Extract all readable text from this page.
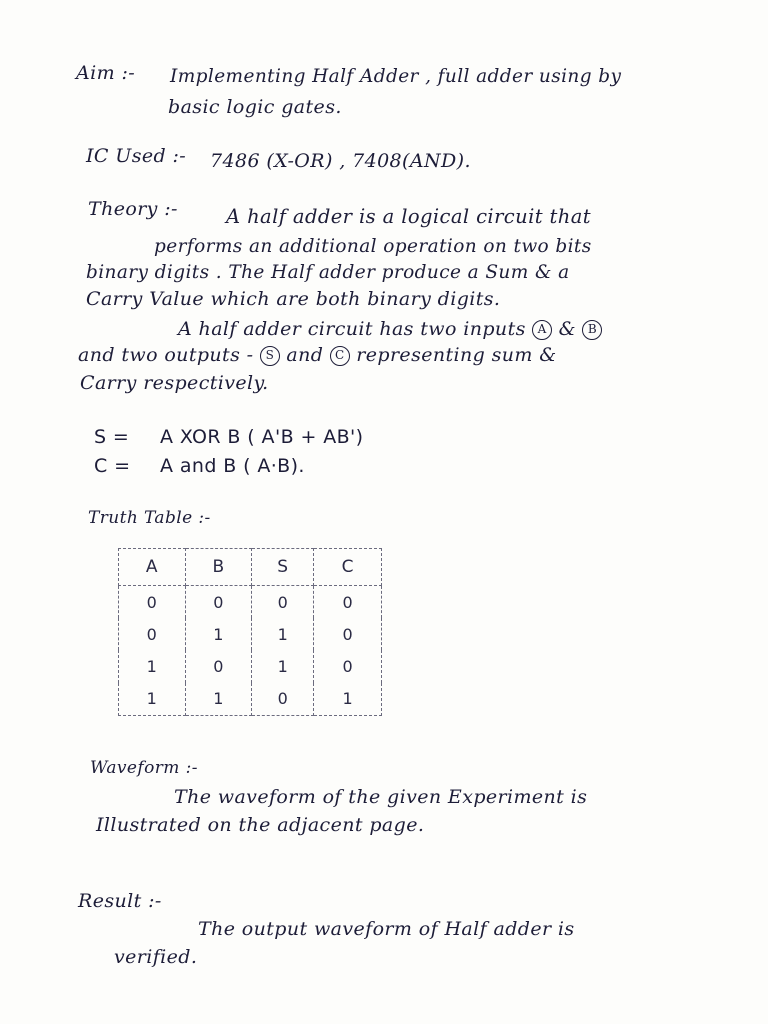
Aim :- Implementing Half Adder , full adder using by
basic logic gates.
IC Used :- 7486 (X-OR) , 7408(AND).
Theory :- A half adder is a logical circuit that
performs an additional operation on two bits
binary digits . The Half adder produce a Sum & a
Carry Value which are both binary digits.
A half adder circuit has two inputs A & B
and two outputs - S and C representing sum &
Carry respectively.
S = A XOR B ( A'B + AB')
C = A and B ( A·B).
Truth Table :-
A	B	S	C
0	0	0	0
0	1	1	0
1	0	1	0
1	1	0	1
Waveform :-
The waveform of the given Experiment is
Illustrated on the adjacent page.
Result :-
The output waveform of Half adder is
verified.
